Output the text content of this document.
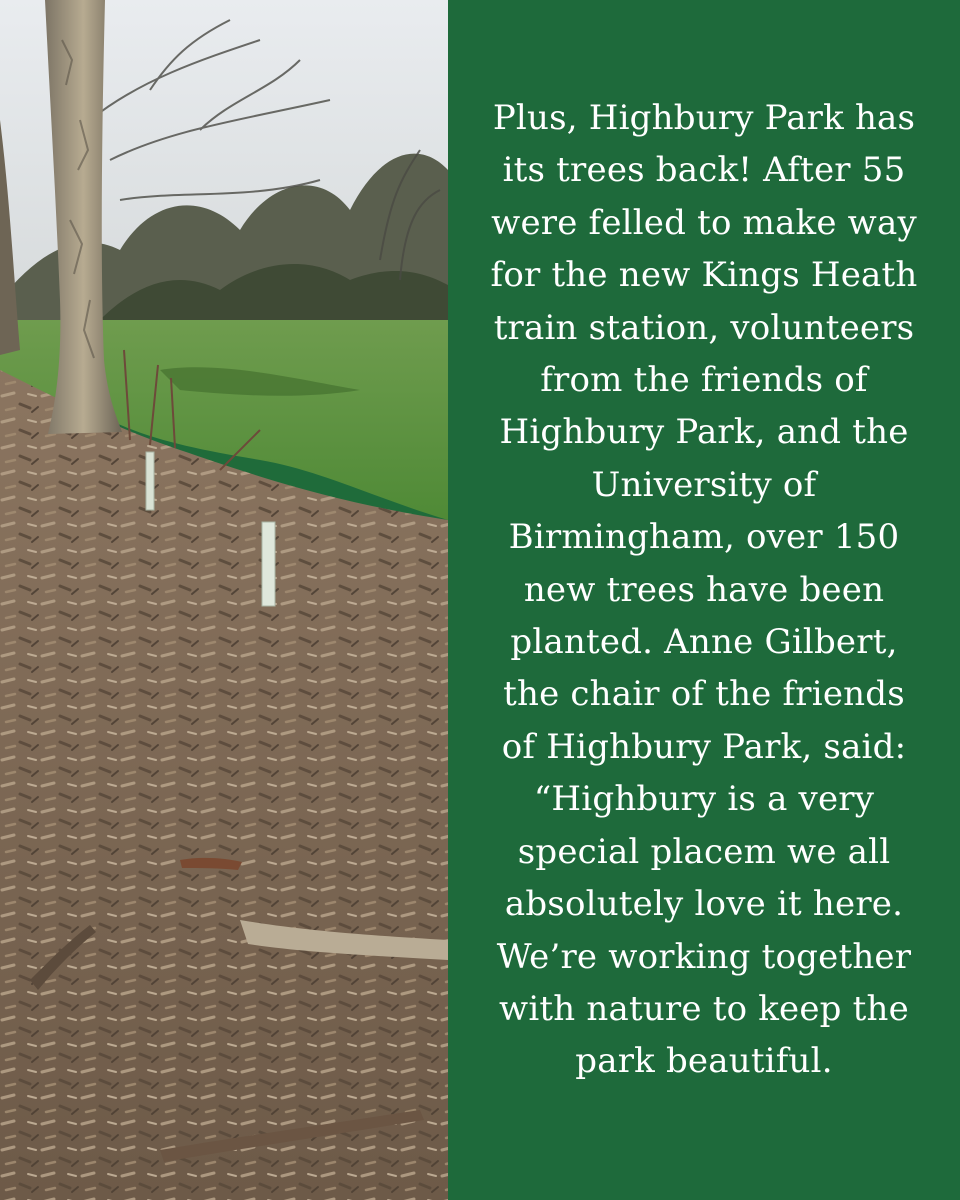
Plus, Highbury Park has
its trees back! After 55
were felled to make way
for the new Kings Heath
train station, volunteers
from the friends of
Highbury Park, and the
University of
Birmingham, over 150
new trees have been
planted. Anne Gilbert,
the chair of the friends
of Highbury Park, said:
“Highbury is a very
special placem we all
absolutely love it here.
We’re working together
with nature to keep the
park beautiful.
